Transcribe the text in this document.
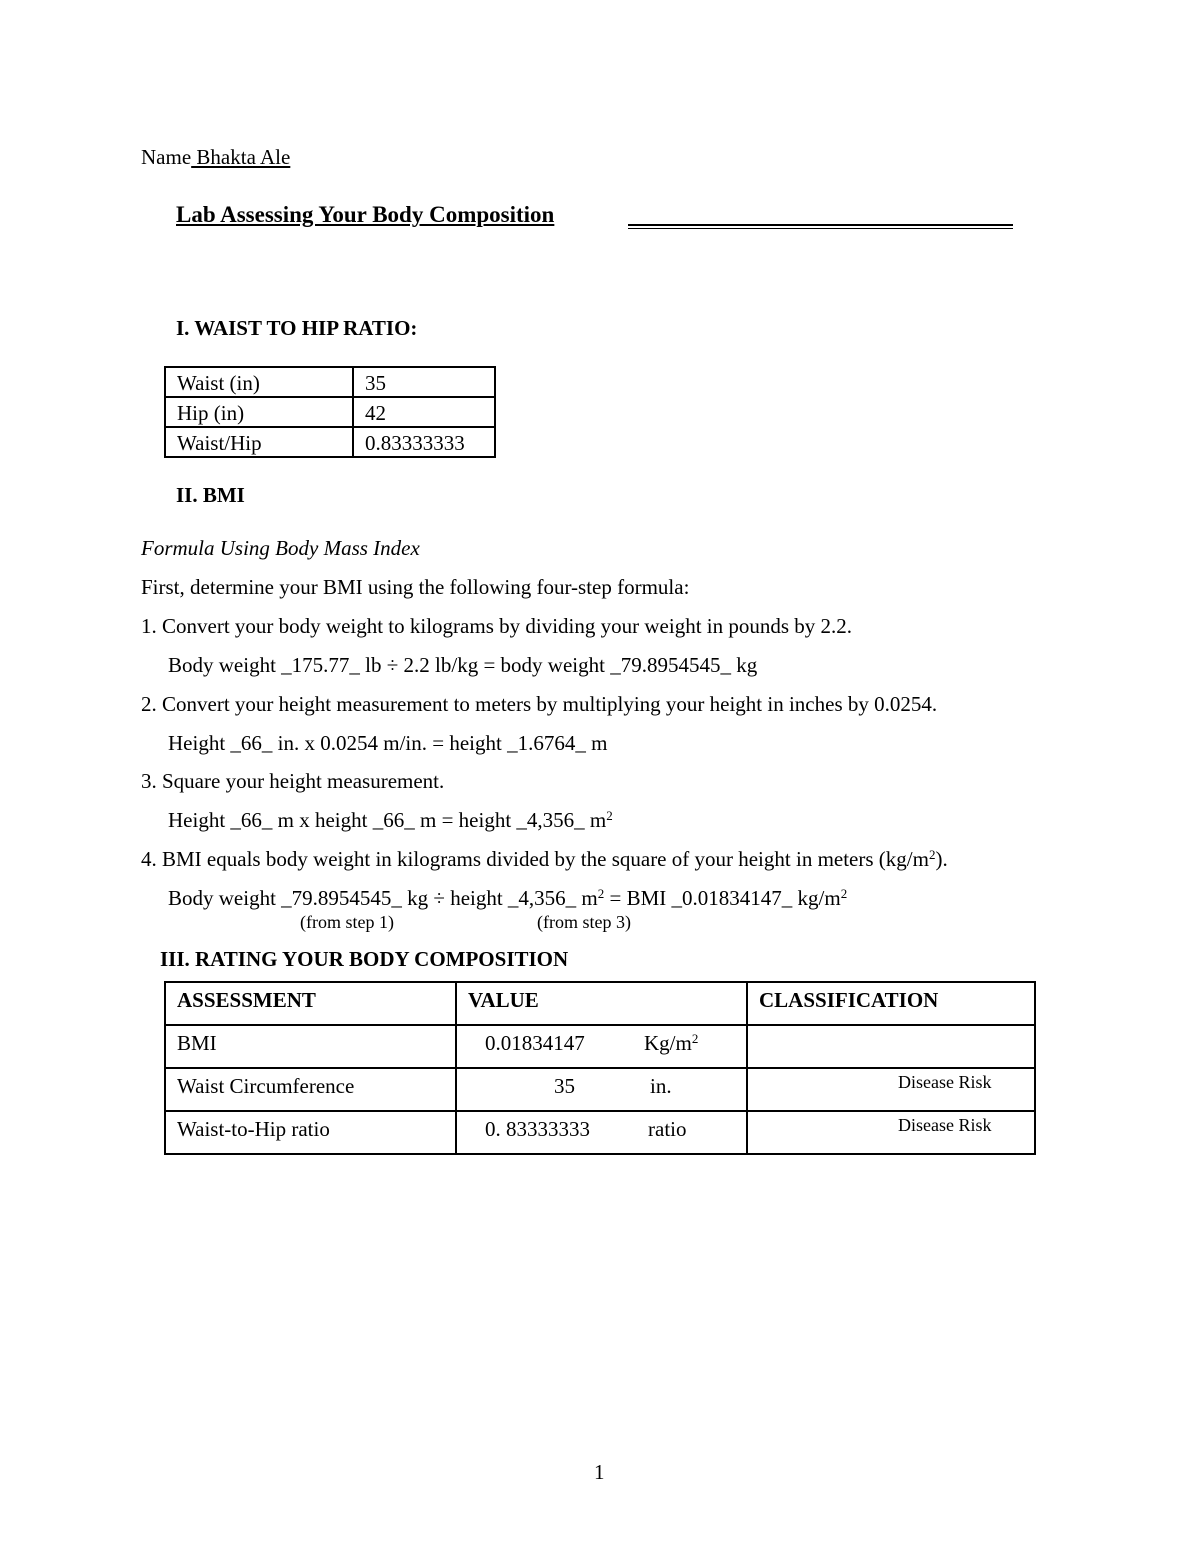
Name Bhakta Ale
Lab Assessing Your Body Composition
I. WAIST TO HIP RATIO:
Waist (in)	35
Hip (in)	42
Waist/Hip	0.83333333
II. BMI
Formula Using Body Mass Index
First, determine your BMI using the following four-step formula:
1. Convert your body weight to kilograms by dividing your weight in pounds by 2.2.
Body weight _175.77_ lb ÷ 2.2 lb/kg = body weight _79.8954545_ kg
2. Convert your height measurement to meters by multiplying your height in inches by 0.0254.
Height _66_ in. x 0.0254 m/in. = height _1.6764_ m
3. Square your height measurement.
Height _66_ m x height _66_ m = height _4,356_ $m^2$
4. BMI equals body weight in kilograms divided by the square of your height in meters $(kg/m^2)$.
Body weight _79.8954545_ kg ÷ height _4,356_ $m^2$ = BMI _0.01834147_ $kg/m^2$
(from step 1)	(from step 3)
III. RATING YOUR BODY COMPOSITION
ASSESSMENT	VALUE	CLASSIFICATION
BMI	0.01834147 $Kg/m^2$

Waist Circumference	35 in.	Disease Risk

Waist-to-Hip ratio	0. 83333333 ratio	Disease Risk
1
